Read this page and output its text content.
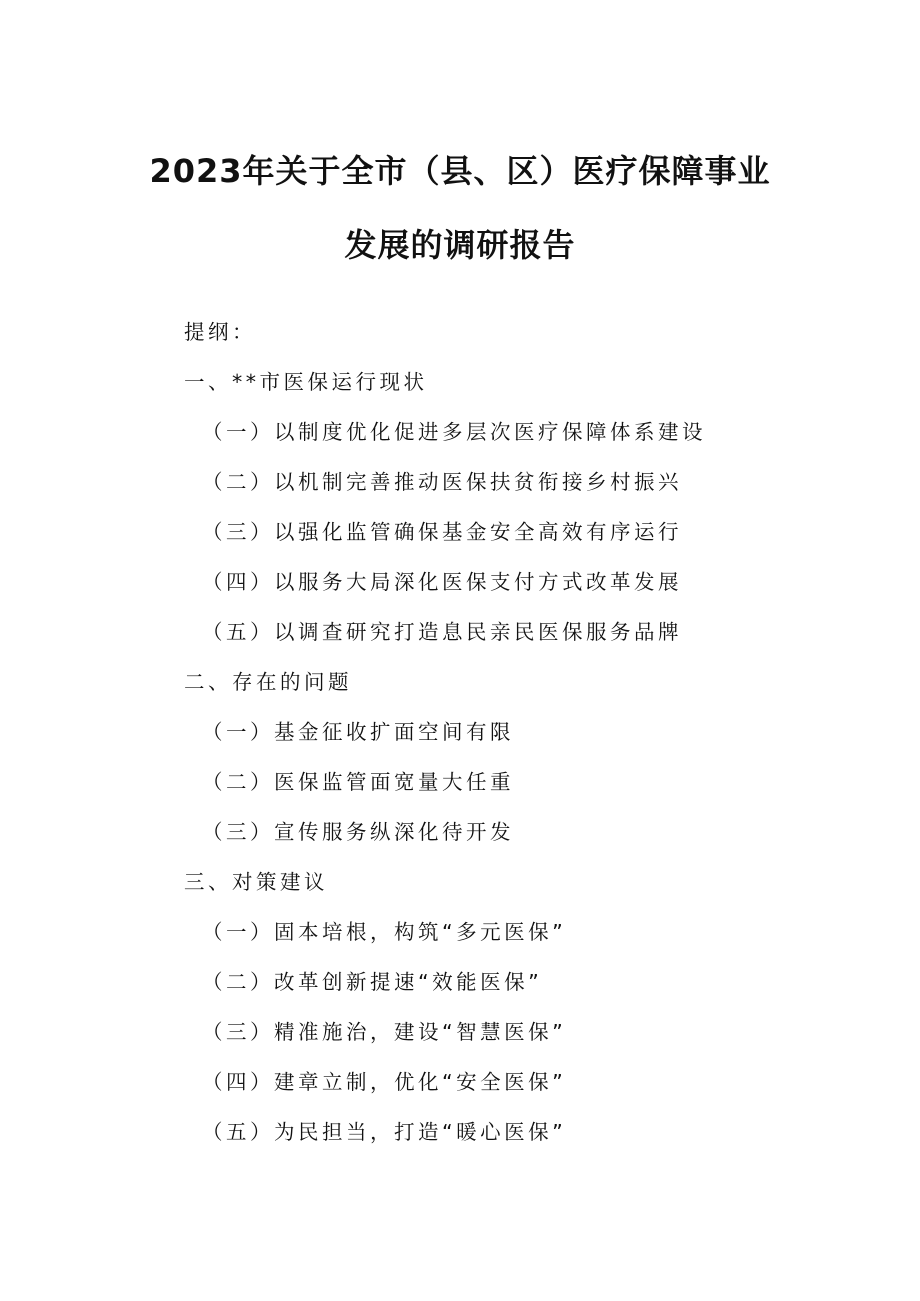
2023年关于全市（县、区）医疗保障事业
发展的调研报告
提纲：
一、**市医保运行现状
（一）以制度优化促进多层次医疗保障体系建设
（二）以机制完善推动医保扶贫衔接乡村振兴
（三）以强化监管确保基金安全高效有序运行
（四）以服务大局深化医保支付方式改革发展
（五）以调查研究打造息民亲民医保服务品牌
二、存在的问题
（一）基金征收扩面空间有限
（二）医保监管面宽量大任重
（三）宣传服务纵深化待开发
三、对策建议
（一）固本培根，构筑“多元医保”
（二）改革创新提速“效能医保”
（三）精准施治，建设“智慧医保”
（四）建章立制，优化“安全医保”
（五）为民担当，打造“暖心医保”
